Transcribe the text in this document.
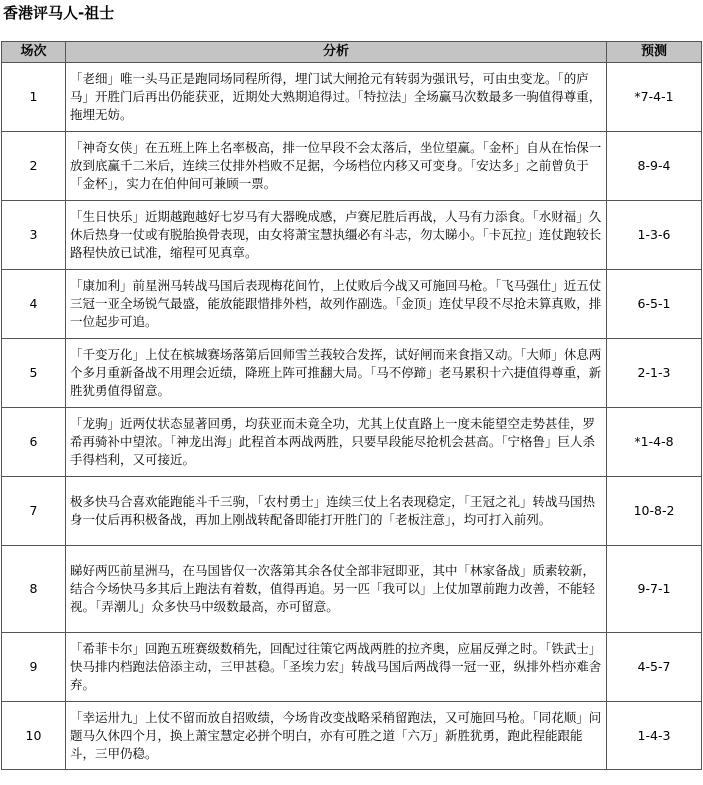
香港评马人-祖士
场次	分析	预测
1	「老细」唯一头马正是跑同场同程所得，埋门试大闸抢元有转弱为强讯号，可由虫变龙。「的庐马」开胜门后再出仍能获亚，近期处大熟期追得过。「特拉法」全场赢马次数最多一驹值得尊重，拖埋无妨。	*7-4-1
2	「神奇女侠」在五班上阵上名率极高，排一位早段不会太落后，坐位望赢。「金杯」自从在怡保一放到底赢千二米后，连续三仗排外档败不足据，今场档位内移又可变身。「安达多」之前曾负于「金杯」，实力在伯仲间可兼顾一票。	8-9-4
3	「生日快乐」近期越跑越好七岁马有大器晚成感，卢赛尼胜后再战，人马有力添食。「水财福」久休后热身一仗或有脱胎换骨表现，由女将萧宝慧执缰必有斗志，勿太睇小。「卡瓦拉」连仗跑较长路程快放已试准，缩程可见真章。	1-3-6
4	「康加利」前星洲马转战马国后表现梅花间竹，上仗败后今战又可施回马枪。「飞马强仕」近五仗三冠一亚全场锐气最盛，能放能跟惜排外档，故列作副选。「金顶」连仗早段不尽抢未算真败，排一位起步可追。	6-5-1
5	「千变万化」上仗在槟城赛场落第后回师雪兰莪较合发挥，试好闸而来食指又动。「大师」休息两个多月重新备战不用理会近绩，降班上阵可推翻大局。「马不停蹄」老马累积十六捷值得尊重，新胜犹勇值得留意。	2-1-3
6	「龙驹」近两仗状态显著回勇，均获亚而未竟全功，尤其上仗直路上一度未能望空走势甚佳，罗希再骑补中望浓。「神龙出海」此程首本两战两胜，只要早段能尽抢机会甚高。「宁格鲁」巨人杀手得档利，又可接近。	*1-4-8
7	极多快马合喜欢能跑能斗千三驹，「农村勇士」连续三仗上名表现稳定，「王冠之礼」转战马国热身一仗后再积极备战，再加上刚战转配备即能打开胜门的「老板注意」，均可打入前列。	10-8-2
8	睇好两匹前星洲马，在马国皆仅一次落第其余各仗全部非冠即亚，其中「林家备战」质素较新，结合今场快马多其后上跑法有着数，值得再追。另一匹「我可以」上仗加罩前跑力改善，不能轻视。「弄潮儿」众多快马中级数最高，亦可留意。	9-7-1
9	「希菲卡尔」回跑五班赛级数稍先，回配过往策它两战两胜的拉齐奥，应届反弹之时。「铁武士」快马排内档跑法倍添主动，三甲甚稳。「圣埃力宏」转战马国后两战得一冠一亚，纵排外档亦难舍弃。	4-5-7
10	「幸运卅九」上仗不留而放自招败绩，今场肯改变战略采稍留跑法，又可施回马枪。「同花顺」问题马久休四个月，换上萧宝慧定必拼个明白，亦有可胜之道「六万」新胜犹勇，跑此程能跟能斗，三甲仍稳。	1-4-3
